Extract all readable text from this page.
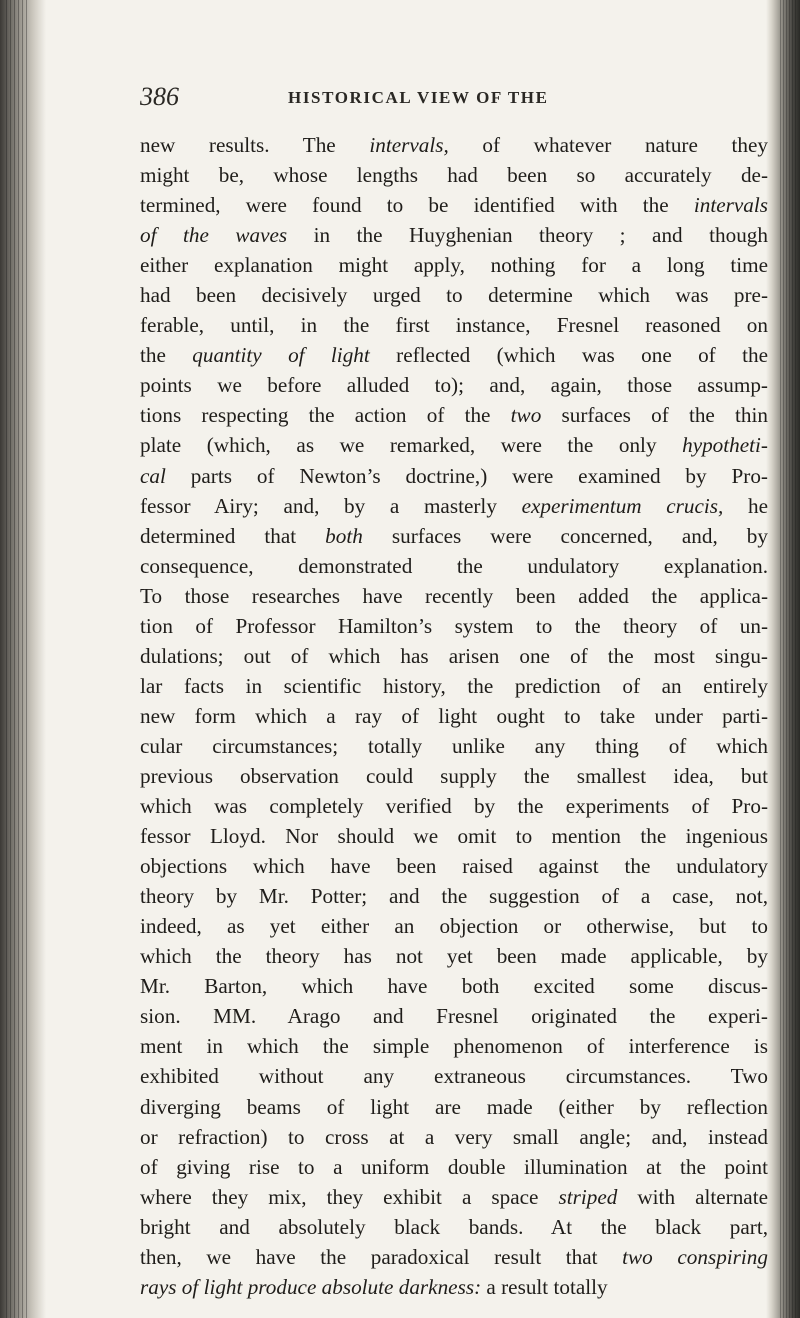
386	HISTORICAL VIEW OF THE
new results. The intervals, of whatever nature they
might be, whose lengths had been so accurately de-
termined, were found to be identified with the intervals
of the waves in the Huyghenian theory ; and though
either explanation might apply, nothing for a long time
had been decisively urged to determine which was pre-
ferable, until, in the first instance, Fresnel reasoned on
the quantity of light reflected (which was one of the
points we before alluded to); and, again, those assump-
tions respecting the action of the two surfaces of the thin
plate (which, as we remarked, were the only hypotheti-
cal parts of Newton’s doctrine,) were examined by Pro-
fessor Airy; and, by a masterly experimentum crucis, he
determined that both surfaces were concerned, and, by
consequence, demonstrated the undulatory explanation.
To those researches have recently been added the applica-
tion of Professor Hamilton’s system to the theory of un-
dulations; out of which has arisen one of the most singu-
lar facts in scientific history, the prediction of an entirely
new form which a ray of light ought to take under parti-
cular circumstances; totally unlike any thing of which
previous observation could supply the smallest idea, but
which was completely verified by the experiments of Pro-
fessor Lloyd. Nor should we omit to mention the ingenious
objections which have been raised against the undulatory
theory by Mr. Potter; and the suggestion of a case, not,
indeed, as yet either an objection or otherwise, but to
which the theory has not yet been made applicable, by
Mr. Barton, which have both excited some discus-
sion. MM. Arago and Fresnel originated the experi-
ment in which the simple phenomenon of interference is
exhibited without any extraneous circumstances. Two
diverging beams of light are made (either by reflection
or refraction) to cross at a very small angle; and, instead
of giving rise to a uniform double illumination at the point
where they mix, they exhibit a space striped with alternate
bright and absolutely black bands. At the black part,
then, we have the paradoxical result that two conspiring
rays of light produce absolute darkness: a result totally
